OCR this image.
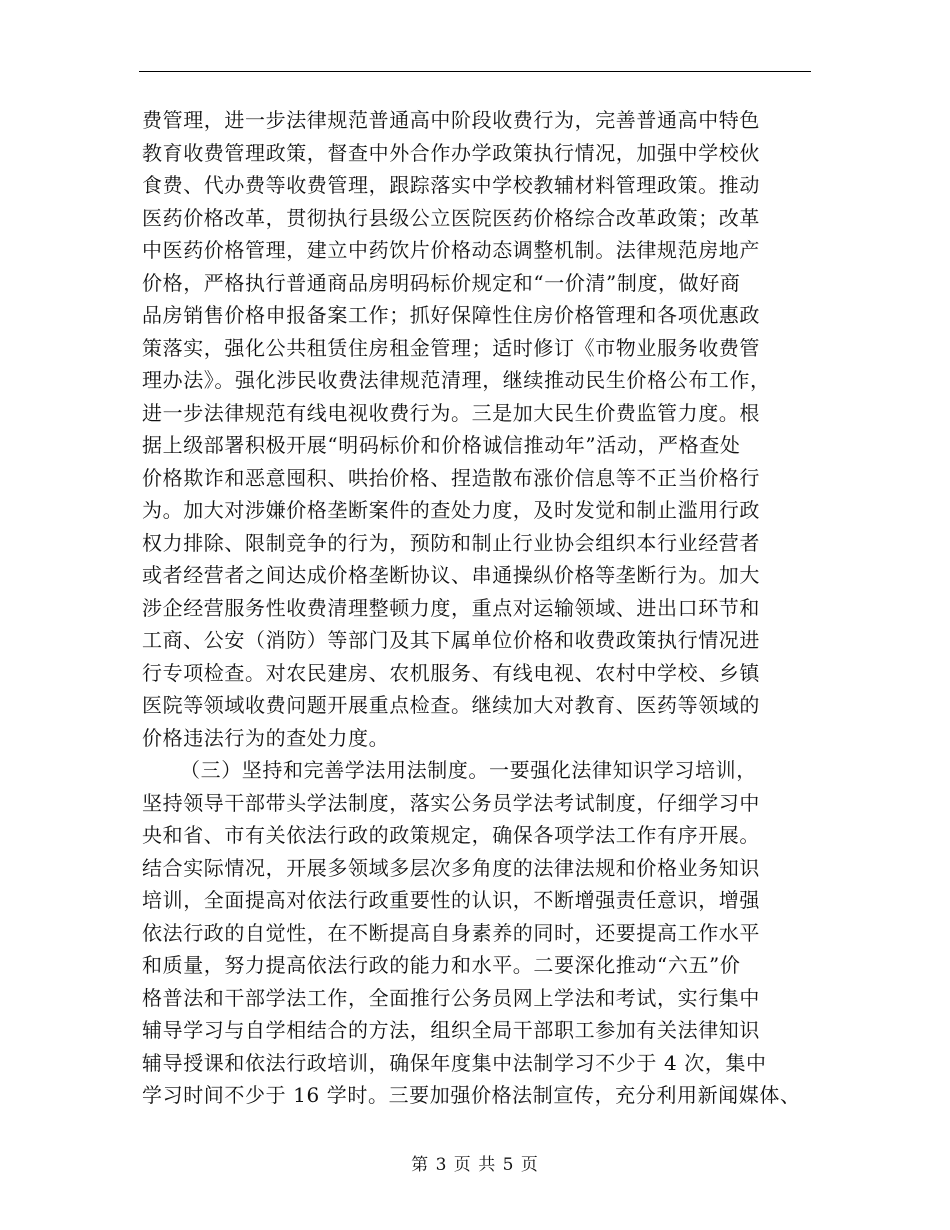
费管理，进一步法律规范普通高中阶段收费行为，完善普通高中特色
教育收费管理政策，督查中外合作办学政策执行情况，加强中学校伙
食费、代办费等收费管理，跟踪落实中学校教辅材料管理政策。推动
医药价格改革，贯彻执行县级公立医院医药价格综合改革政策；改革
中医药价格管理，建立中药饮片价格动态调整机制。法律规范房地产
价格，严格执行普通商品房明码标价规定和“一价清”制度，做好商
品房销售价格申报备案工作；抓好保障性住房价格管理和各项优惠政
策落实，强化公共租赁住房租金管理；适时修订《市物业服务收费管
理办法》。强化涉民收费法律规范清理，继续推动民生价格公布工作，
进一步法律规范有线电视收费行为。三是加大民生价费监管力度。根
据上级部署积极开展“明码标价和价格诚信推动年”活动，严格查处
价格欺诈和恶意囤积、哄抬价格、捏造散布涨价信息等不正当价格行
为。加大对涉嫌价格垄断案件的查处力度，及时发觉和制止滥用行政
权力排除、限制竞争的行为，预防和制止行业协会组织本行业经营者
或者经营者之间达成价格垄断协议、串通操纵价格等垄断行为。加大
涉企经营服务性收费清理整顿力度，重点对运输领域、进出口环节和
工商、公安（消防）等部门及其下属单位价格和收费政策执行情况进
行专项检查。对农民建房、农机服务、有线电视、农村中学校、乡镇
医院等领域收费问题开展重点检查。继续加大对教育、医药等领域的
价格违法行为的查处力度。
（三）坚持和完善学法用法制度。一要强化法律知识学习培训，
坚持领导干部带头学法制度，落实公务员学法考试制度，仔细学习中
央和省、市有关依法行政的政策规定，确保各项学法工作有序开展。
结合实际情况，开展多领域多层次多角度的法律法规和价格业务知识
培训，全面提高对依法行政重要性的认识，不断增强责任意识，增强
依法行政的自觉性，在不断提高自身素养的同时，还要提高工作水平
和质量，努力提高依法行政的能力和水平。二要深化推动“六五”价
格普法和干部学法工作，全面推行公务员网上学法和考试，实行集中
辅导学习与自学相结合的方法，组织全局干部职工参加有关法律知识
辅导授课和依法行政培训，确保年度集中法制学习不少于 4 次，集中
学习时间不少于 16 学时。三要加强价格法制宣传，充分利用新闻媒体、
第 3 页 共 5 页
